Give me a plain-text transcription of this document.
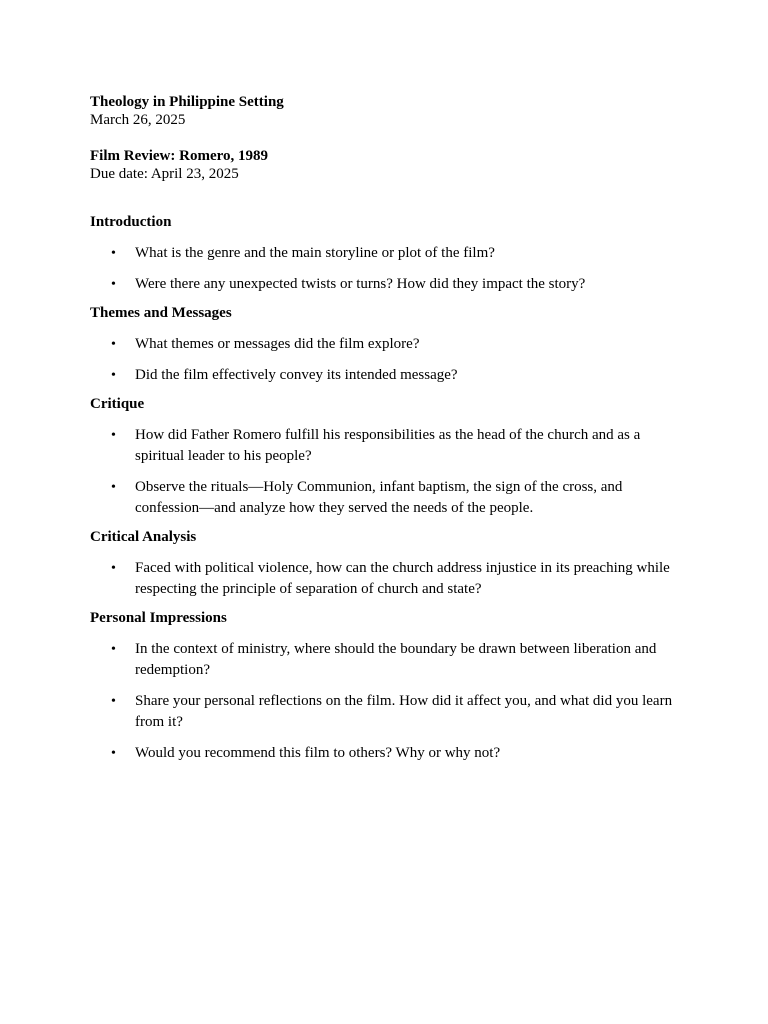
Theology in Philippine Setting
March 26, 2025
Film Review: Romero, 1989
Due date: April 23, 2025
Introduction
• What is the genre and the main storyline or plot of the film?
• Were there any unexpected twists or turns? How did they impact the story?
Themes and Messages
• What themes or messages did the film explore?
• Did the film effectively convey its intended message?
Critique
• How did Father Romero fulfill his responsibilities as the head of the church and as a spiritual leader to his people?
• Observe the rituals—Holy Communion, infant baptism, the sign of the cross, and confession—and analyze how they served the needs of the people.
Critical Analysis
• Faced with political violence, how can the church address injustice in its preaching while respecting the principle of separation of church and state?
Personal Impressions
• In the context of ministry, where should the boundary be drawn between liberation and redemption?
• Share your personal reflections on the film. How did it affect you, and what did you learn from it?
• Would you recommend this film to others? Why or why not?
